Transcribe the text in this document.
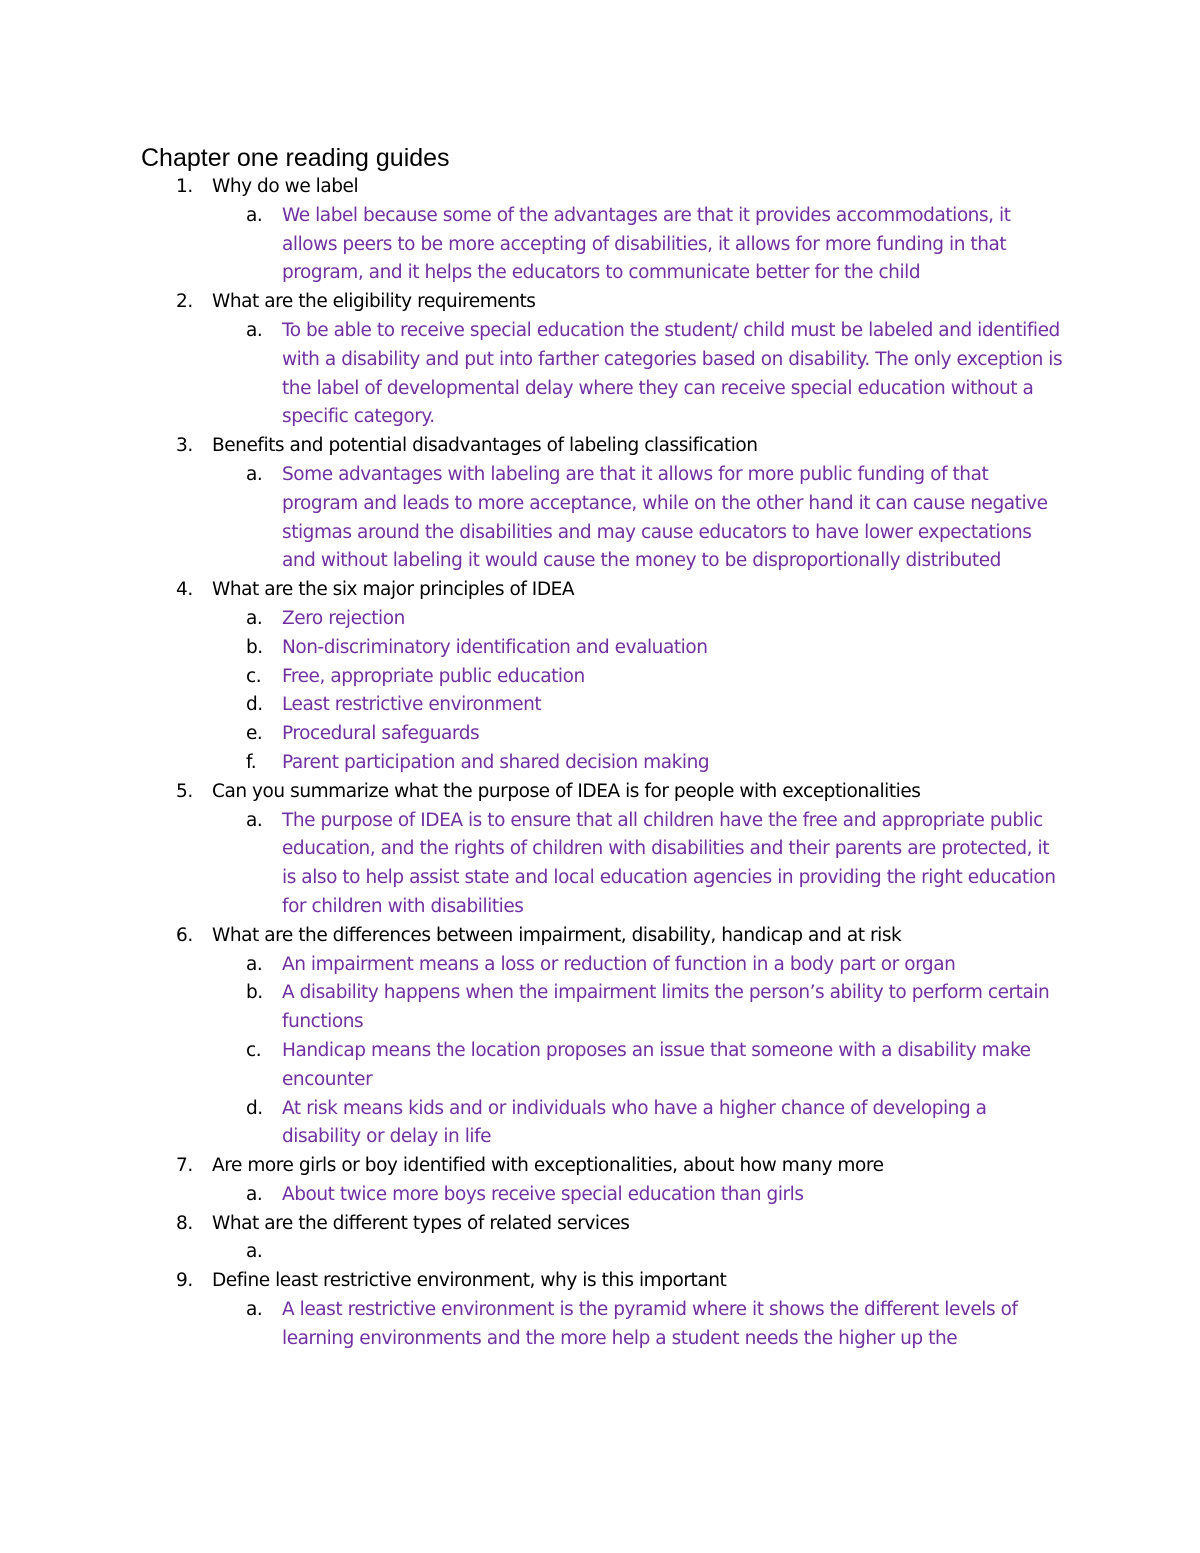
Chapter one reading guides
1. Why do we label
a. We label because some of the advantages are that it provides accommodations, it allows peers to be more accepting of disabilities, it allows for more funding in that program, and it helps the educators to communicate better for the child
2. What are the eligibility requirements
a. To be able to receive special education the student/ child must be labeled and identified with a disability and put into farther categories based on disability. The only exception is the label of developmental delay where they can receive special education without a specific category.
3. Benefits and potential disadvantages of labeling classification
a. Some advantages with labeling are that it allows for more public funding of that program and leads to more acceptance, while on the other hand it can cause negative stigmas around the disabilities and may cause educators to have lower expectations and without labeling it would cause the money to be disproportionally distributed
4. What are the six major principles of IDEA
a. Zero rejection
b. Non-discriminatory identification and evaluation
c. Free, appropriate public education
d. Least restrictive environment
e. Procedural safeguards
f. Parent participation and shared decision making
5. Can you summarize what the purpose of IDEA is for people with exceptionalities
a. The purpose of IDEA is to ensure that all children have the free and appropriate public education, and the rights of children with disabilities and their parents are protected, it is also to help assist state and local education agencies in providing the right education for children with disabilities
6. What are the differences between impairment, disability, handicap and at risk
a. An impairment means a loss or reduction of function in a body part or organ
b. A disability happens when the impairment limits the person’s ability to perform certain functions
c. Handicap means the location proposes an issue that someone with a disability make encounter
d. At risk means kids and or individuals who have a higher chance of developing a disability or delay in life
7. Are more girls or boy identified with exceptionalities, about how many more
a. About twice more boys receive special education than girls
8. What are the different types of related services
a.
9. Define least restrictive environment, why is this important
a. A least restrictive environment is the pyramid where it shows the different levels of learning environments and the more help a student needs the higher up the
